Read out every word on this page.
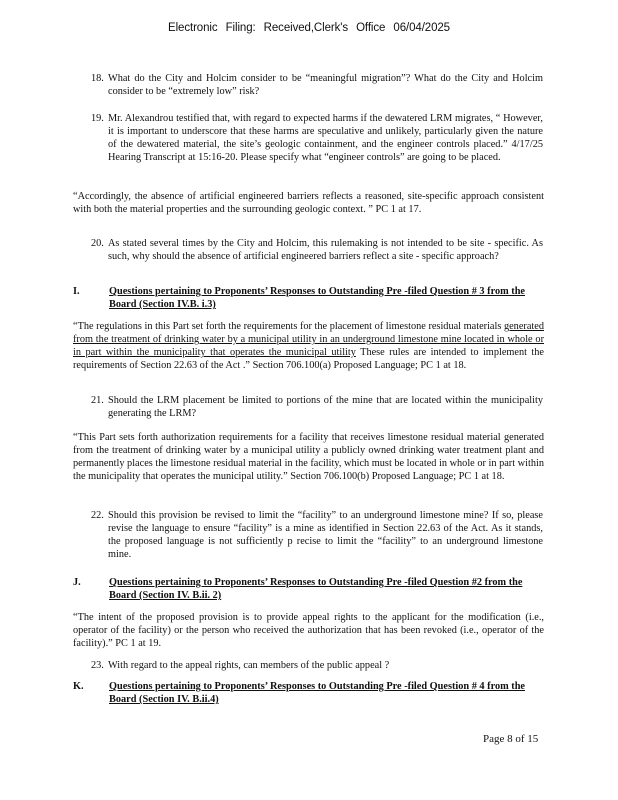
Electronic Filing: Received,Clerk's Office 06/04/2025
18. What do the City and Holcim consider to be “meaningful migration”? What do the City and Holcim consider to be “extremely low” risk?
19. Mr. Alexandrou testified that, with regard to expected harms if the dewatered LRM migrates, “ However, it is important to underscore that these harms are speculative and unlikely, particularly given the nature of the dewatered material, the site’s geologic containment, and the engineer controls placed.” 4/17/25 Hearing Transcript at 15:16-20. Please specify what “engineer controls” are going to be placed.
“Accordingly, the absence of artificial engineered barriers reflects a reasoned, site-specific approach consistent with both the material properties and the surrounding geologic context. ” PC 1 at 17.
20. As stated several times by the City and Holcim, this rulemaking is not intended to be site - specific. As such, why should the absence of artificial engineered barriers reflect a site - specific approach?
I.	Questions pertaining to Proponents’ Responses to Outstanding Pre -filed Question # 3 from the Board (Section IV.B. i.3)
“The regulations in this Part set forth the requirements for the placement of limestone residual materials generated from the treatment of drinking water by a municipal utility in an underground limestone mine located in whole or in part within the municipality that operates the municipal utility These rules are intended to implement the requirements of Section 22.63 of the Act .” Section 706.100(a) Proposed Language; PC 1 at 18.
21. Should the LRM placement be limited to portions of the mine that are located within the municipality generating the LRM?
“This Part sets forth authorization requirements for a facility that receives limestone residual material generated from the treatment of drinking water by a municipal utility a publicly owned drinking water treatment plant and permanently places the limestone residual material in the facility, which must be located in whole or in part within the municipality that operates the municipal utility.” Section 706.100(b) Proposed Language; PC 1 at 18.
22. Should this provision be revised to limit the “facility” to an underground limestone mine? If so, please revise the language to ensure “facility” is a mine as identified in Section 22.63 of the Act. As it stands, the proposed language is not sufficiently p recise to limit the “facility” to an underground limestone mine.
J.	Questions pertaining to Proponents’ Responses to Outstanding Pre -filed Question #2 from the Board (Section IV. B.ii. 2)
“The intent of the proposed provision is to provide appeal rights to the applicant for the modification (i.e., operator of the facility) or the person who received the authorization that has been revoked (i.e., operator of the facility).” PC 1 at 19.
23. With regard to the appeal rights, can members of the public appeal ?
K.	Questions pertaining to Proponents’ Responses to Outstanding Pre -filed Question # 4 from the Board (Section IV. B.ii.4)
Page 8 of 15
